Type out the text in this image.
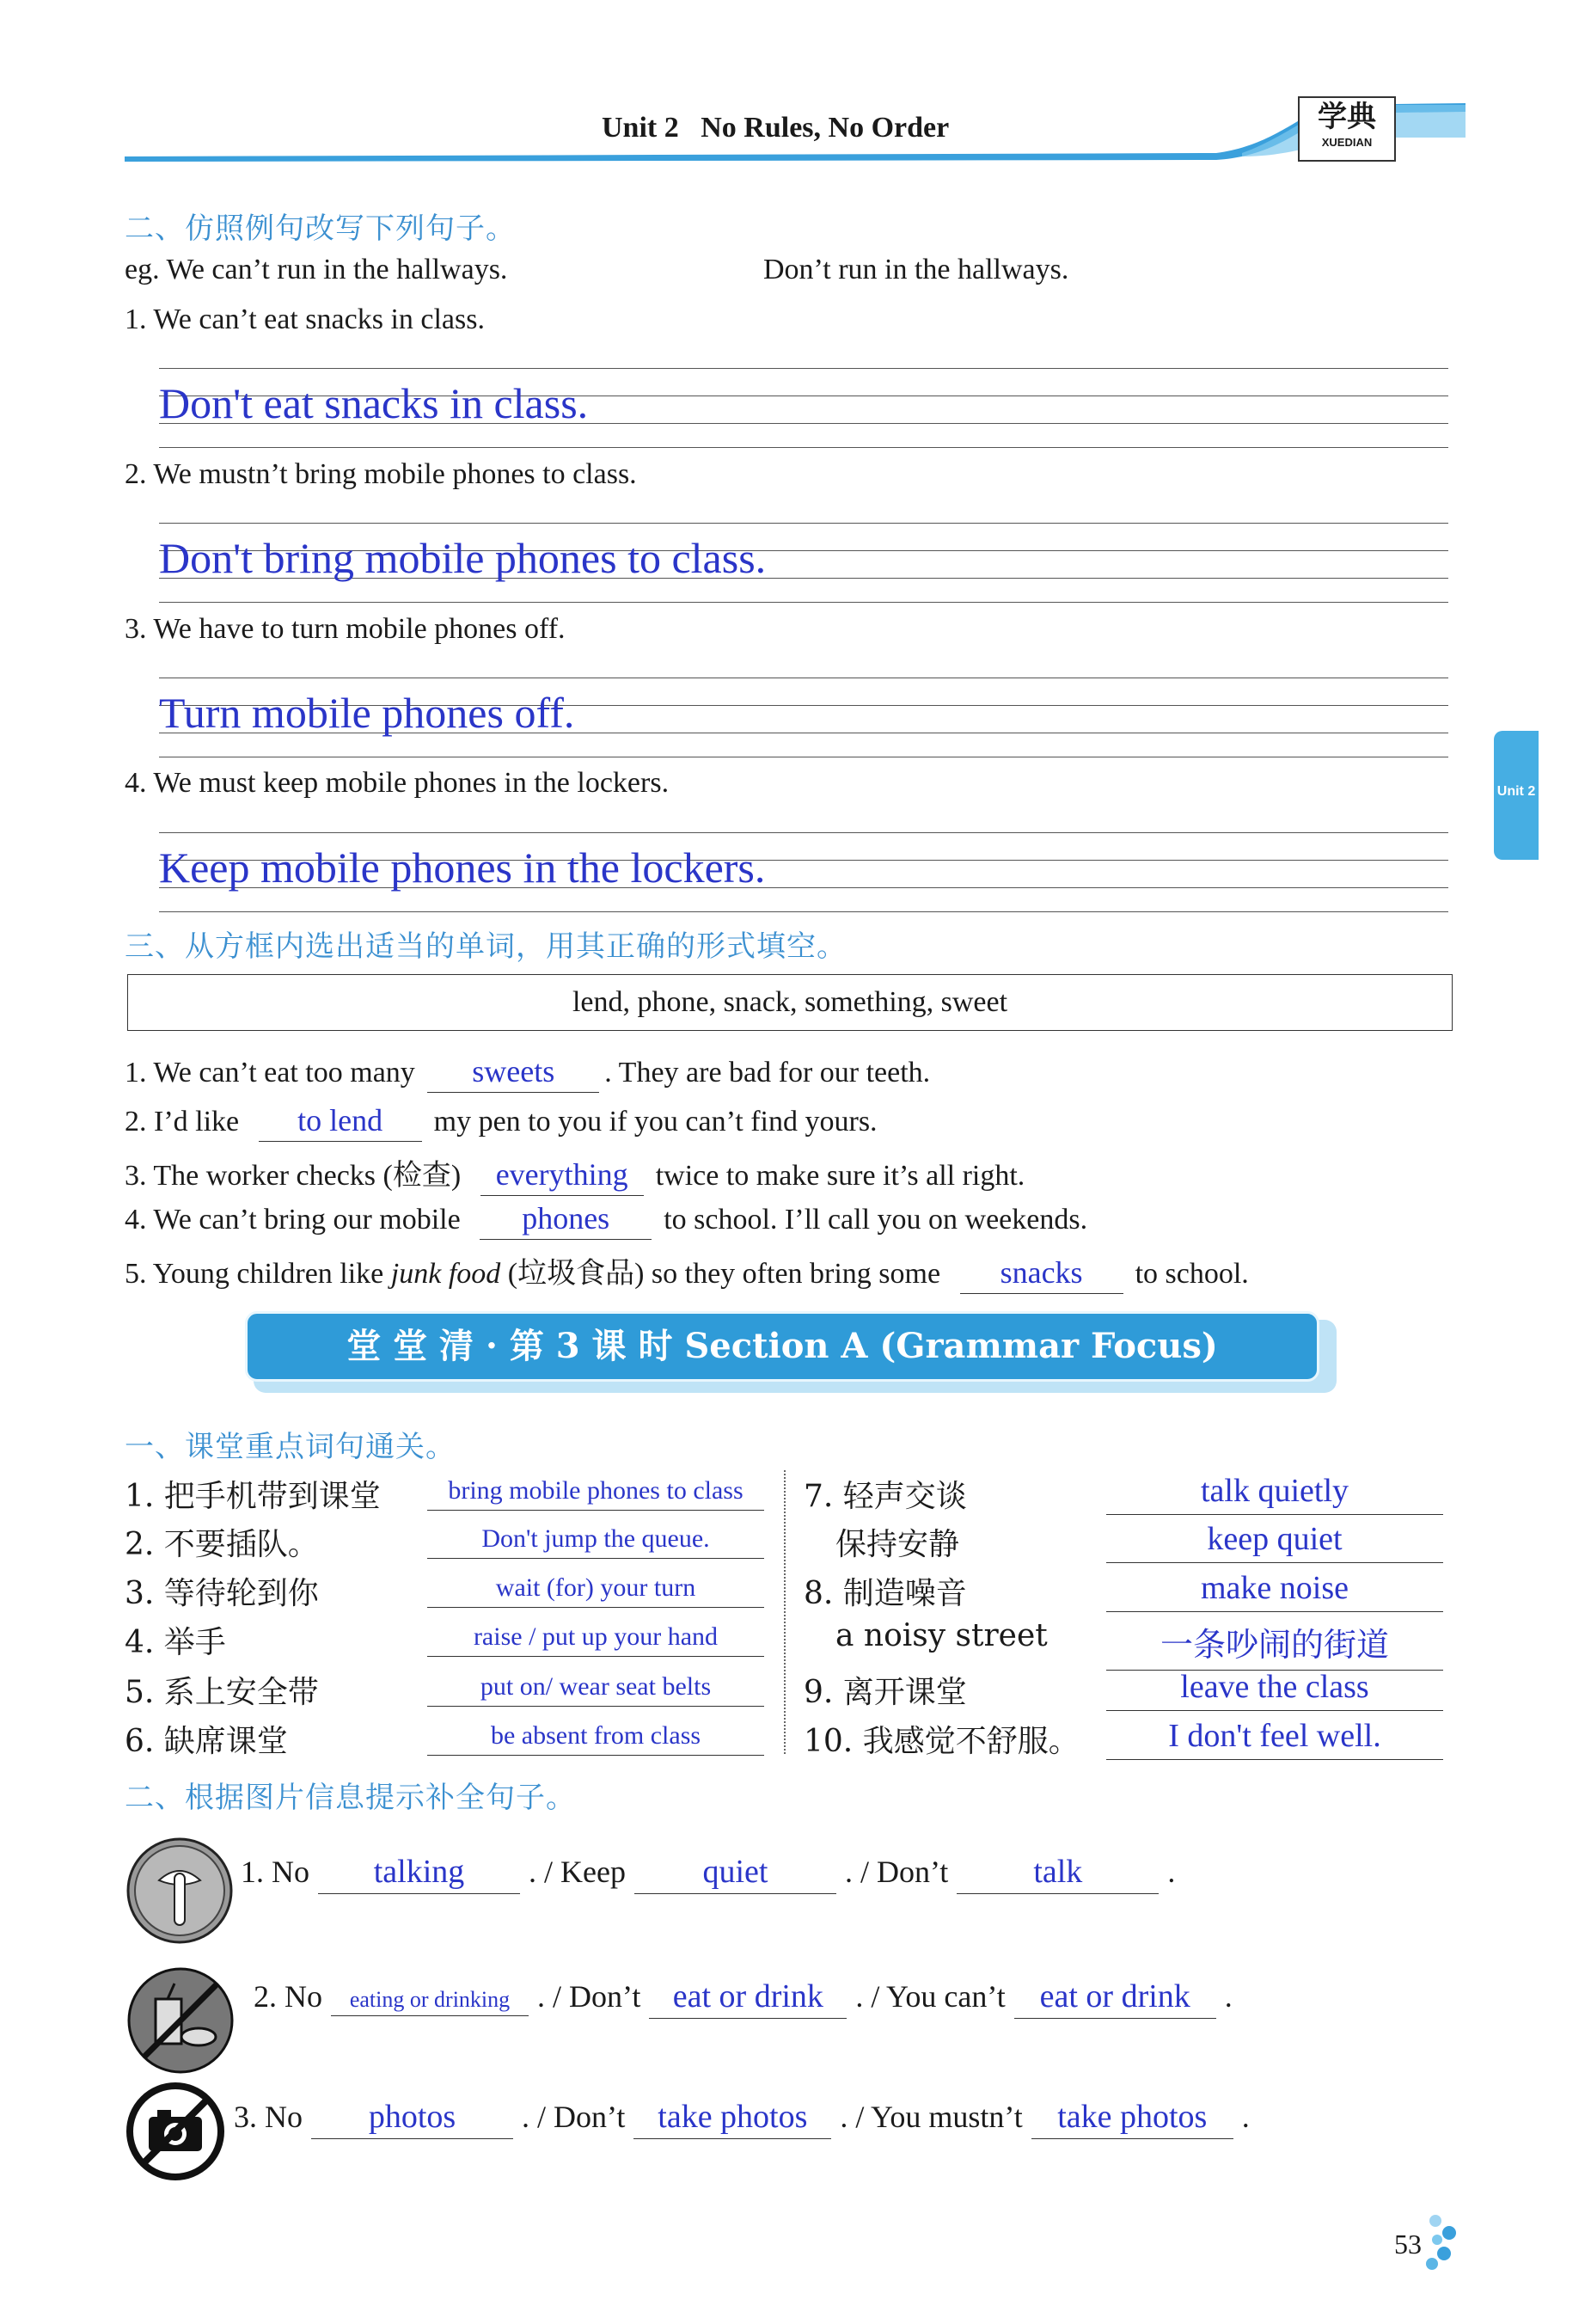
Unit 2 No Rules, No Order	学典
XUEDIAN
Unit 2
二、仿照例句改写下列句子。
eg. We can’t run in the hallways.	Don’t run in the hallways.
1. We can’t eat snacks in class.
Don't eat snacks in class.
2. We mustn’t bring mobile phones to class.
Don't bring mobile phones to class.
3. We have to turn mobile phones off.
Turn mobile phones off.
4. We must keep mobile phones in the lockers.
Keep mobile phones in the lockers.
三、从方框内选出适当的单词，用其正确的形式填空。
lend, phone, snack, something, sweet
1. We can’t eat too many sweets . They are bad for our teeth.
2. I’d like to lend my pen to you if you can’t find yours.
3. The worker checks (检查) everything twice to make sure it’s all right.
4. We can’t bring our mobile phones to school. I’ll call you on weekends.
5. Young children like junk food (垃圾食品) so they often bring some snacks to school.
堂 堂 清 · 第 3 课 时 Section A (Grammar Focus)
一、课堂重点词句通关。
1. 把手机带到课堂	bring mobile phones to class
2. 不要插队。	Don't jump the queue.
3. 等待轮到你	wait (for) your turn
4. 举手	raise / put up your hand
5. 系上安全带	put on/ wear seat belts
6. 缺席课堂	be absent from class
7. 轻声交谈	talk quietly
保持安静	keep quiet
8. 制造噪音	make noise
a noisy street	一条吵闹的街道
9. 离开课堂	leave the class
10. 我感觉不舒服。	I don't feel well.
二、根据图片信息提示补全句子。
1. No talking . / Keep quiet . / Don’t	talk	.
2. No eating or drinking . / Don’t eat or drink . / You can’t eat or drink .
3. No photos . / Don’t take photos . / You mustn’t take photos .
53
